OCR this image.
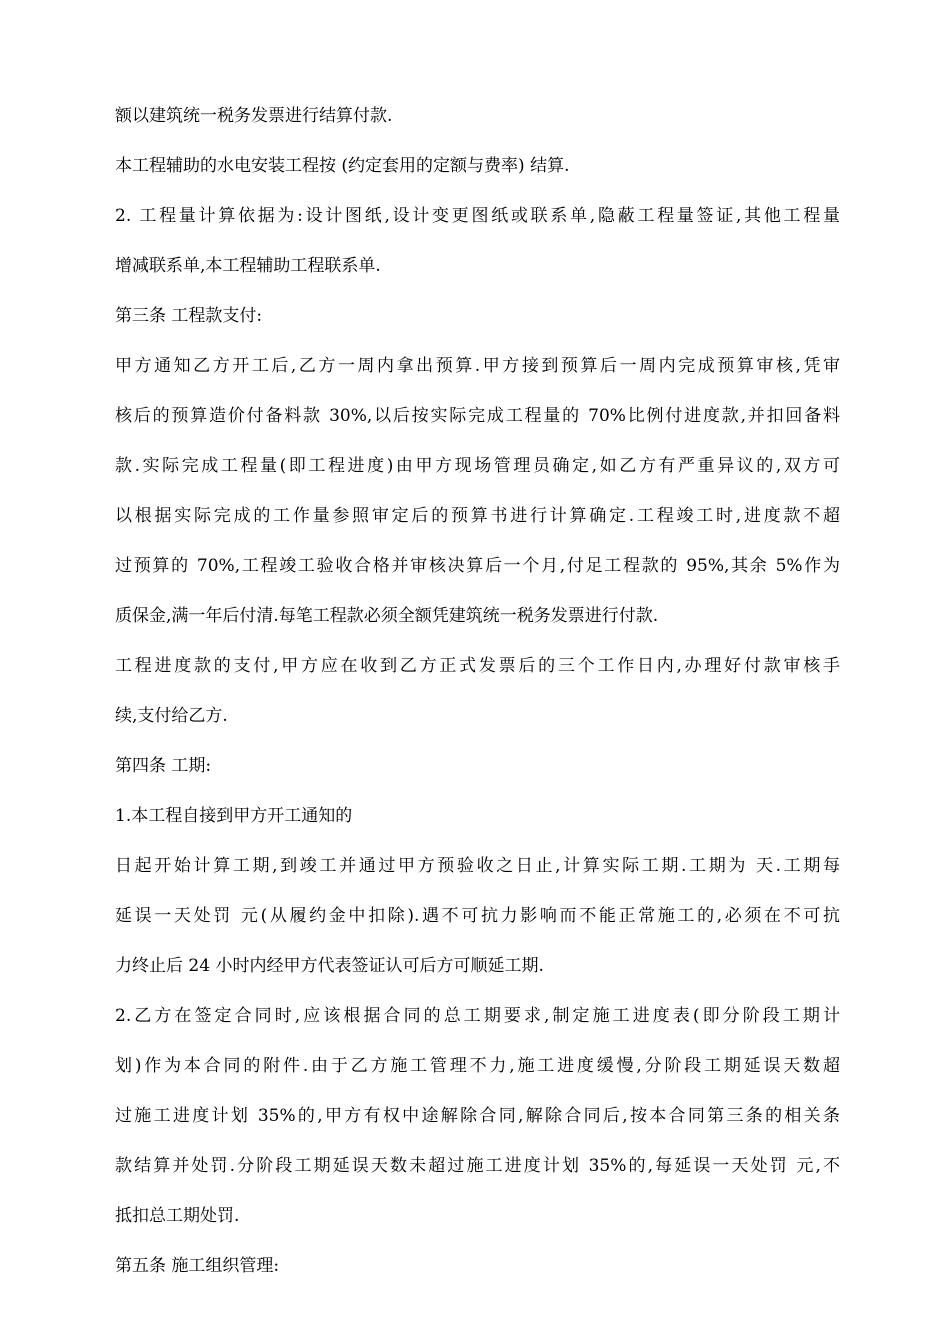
额以建筑统一税务发票进行结算付款.
本工程辅助的水电安装工程按 (约定套用的定额与费率) 结算.
2. 工程量计算依据为:设计图纸,设计变更图纸或联系单,隐蔽工程量签证,其他工程量
增减联系单,本工程辅助工程联系单.
第三条 工程款支付:
甲方通知乙方开工后,乙方一周内拿出预算.甲方接到预算后一周内完成预算审核,凭审
核后的预算造价付备料款 30%,以后按实际完成工程量的 70%比例付进度款,并扣回备料
款.实际完成工程量(即工程进度)由甲方现场管理员确定,如乙方有严重异议的,双方可
以根据实际完成的工作量参照审定后的预算书进行计算确定.工程竣工时,进度款不超
过预算的 70%,工程竣工验收合格并审核决算后一个月,付足工程款的 95%,其余 5%作为
质保金,满一年后付清.每笔工程款必须全额凭建筑统一税务发票进行付款.
工程进度款的支付,甲方应在收到乙方正式发票后的三个工作日内,办理好付款审核手
续,支付给乙方.
第四条 工期:
1.本工程自接到甲方开工通知的
日起开始计算工期,到竣工并通过甲方预验收之日止,计算实际工期.工期为 天.工期每
延误一天处罚 元(从履约金中扣除).遇不可抗力影响而不能正常施工的,必须在不可抗
力终止后 24 小时内经甲方代表签证认可后方可顺延工期.
2.乙方在签定合同时,应该根据合同的总工期要求,制定施工进度表(即分阶段工期计
划)作为本合同的附件.由于乙方施工管理不力,施工进度缓慢,分阶段工期延误天数超
过施工进度计划 35%的,甲方有权中途解除合同,解除合同后,按本合同第三条的相关条
款结算并处罚.分阶段工期延误天数未超过施工进度计划 35%的,每延误一天处罚 元,不
抵扣总工期处罚.
第五条 施工组织管理:
